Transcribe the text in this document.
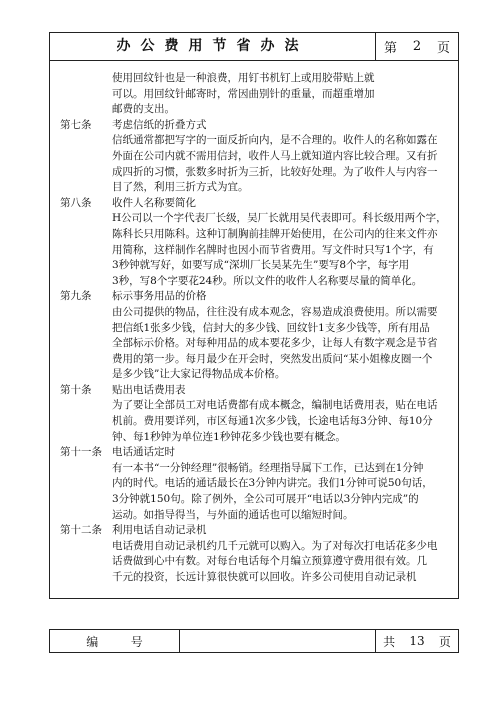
办公费用节省办法	第 2 页
使用回纹针也是一种浪费，用钉书机钉上或用胶带贴上就
可以。用回纹针邮寄时，常因曲别针的重量，而超重增加
邮费的支出。
第七条	考虑信纸的折叠方式
信纸通常都把写字的一面反折向内，是不合理的。收件人的名称如露在
外面在公司内就不需用信封，收件人马上就知道内容比较合理。又有折
成四折的习惯，张数多时折为三折，比较好处理。为了收件人与内容一
目了然，利用三折方式为宜。
第八条	收件人名称要简化
H公司以一个字代表厂长级，吴厂长就用吴代表即可。科长级用两个字，
陈科长只用陈科。这种订制胸前挂牌开始使用，在公司内的往来文件亦
用简称，这样制作名牌时也因小而节省费用。写文件时只写1个字，有
3秒钟就写好，如要写成“深圳厂长吴某先生”要写8个字，每字用
3秒，写8个字要花24秒。所以文件的收件人名称要尽量的简单化。
第九条	标示事务用品的价格
由公司提供的物品，往往没有成本观念，容易造成浪费使用。所以需要
把信纸1张多少钱，信封大的多少钱、回纹针1支多少钱等，所有用品
全部标示价格。对每种用品的成本要花多少，让每人有数字观念是节省
费用的第一步。每月最少在开会时，突然发出质问“某小姐橡皮圈一个
是多少钱”让大家记得物品成本价格。
第十条	贴出电话费用表
为了要让全部员工对电话费都有成本概念，编制电话费用表，贴在电话
机前。费用要详列，市区每通1次多少钱，长途电话每3分钟、每10分
钟、每1秒钟为单位连1秒钟花多少钱也要有概念。
第十一条 电话通话定时
有一本书“一分钟经理”很畅销。经理指导属下工作，已达到在1分钟
内的时代。电话的通话最长在3分钟内讲完。我们1分钟可说50句话，
3分钟就150句。除了例外，全公司可展开“电话以3分钟内完成”的
运动。如指导得当，与外面的通话也可以缩短时间。
第十二条 利用电话自动记录机
电话费用自动记录机约几千元就可以购入。为了对每次打电话花多少电
话费做到心中有数。对每台电话每个月编立预算遵守费用很有效。几
千元的投资，长远计算很快就可以回收。许多公司使用自动记录机
编	号	共 13 页
